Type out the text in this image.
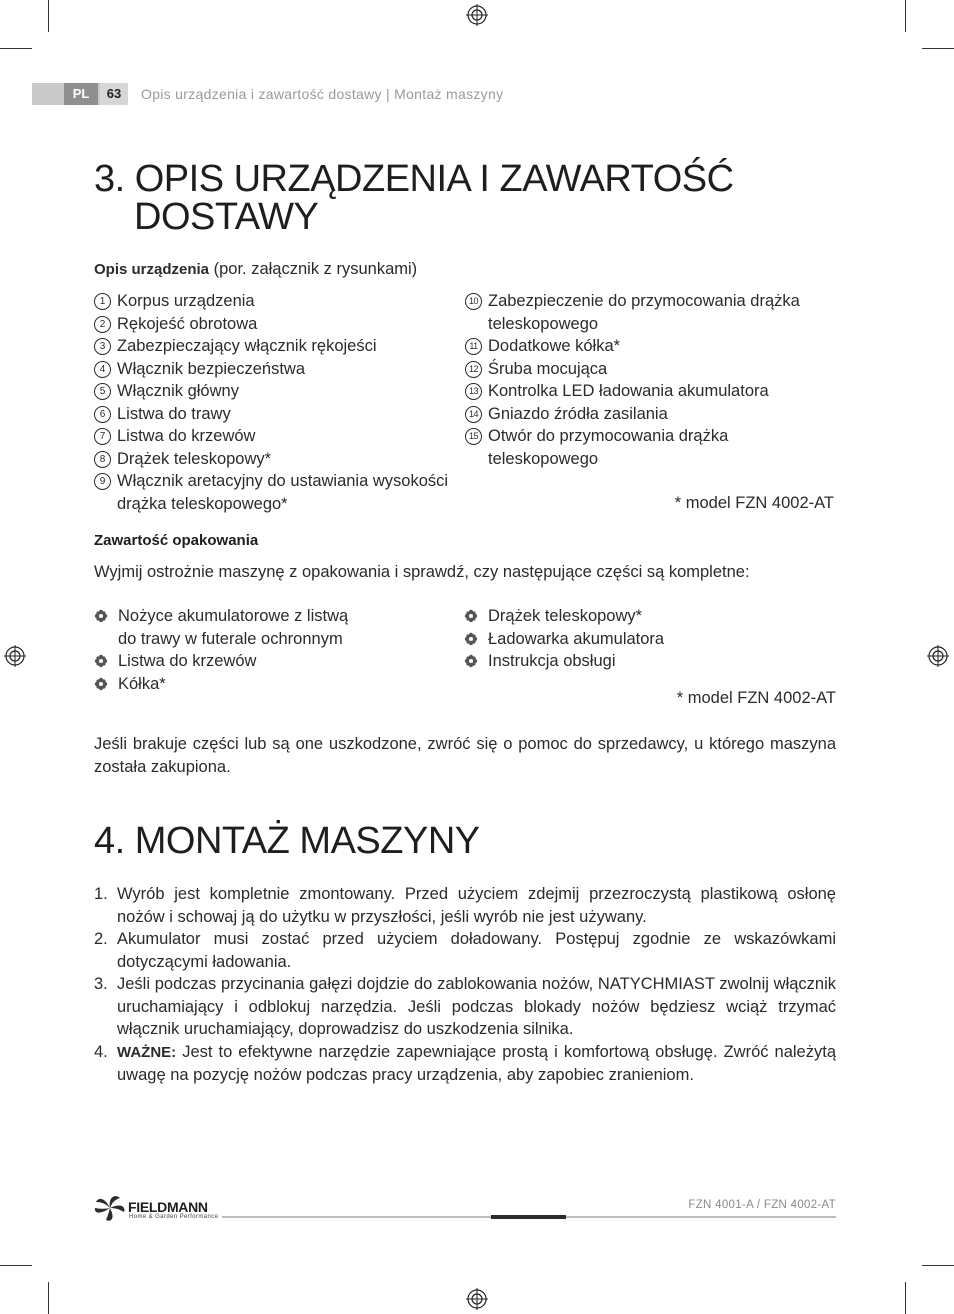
PL	63	Opis urządzenia i zawartość dostawy | Montaż maszyny
3. OPIS URZĄDZENIA I ZAWARTOŚĆ
DOSTAWY
Opis urządzenia (por. załącznik z rysunkami)
1 Korpus urządzenia
2 Rękojeść obrotowa
3 Zabezpieczający włącznik rękojeści
4 Włącznik bezpieczeństwa
5 Włącznik główny
6 Listwa do trawy
7 Listwa do krzewów
8 Drążek teleskopowy*
9 Włącznik aretacyjny do ustawiania wysokości drążka teleskopowego*
10 Zabezpieczenie do przymocowania drążka teleskopowego
11 Dodatkowe kółka*
12 Śruba mocująca
13 Kontrolka LED ładowania akumulatora
14 Gniazdo źródła zasilania
15 Otwór do przymocowania drążka teleskopowego
* model FZN 4002-AT
Zawartość opakowania
Wyjmij ostrożnie maszynę z opakowania i sprawdź, czy następujące części są kompletne:
Nożyce akumulatorowe z listwą do trawy w futerale ochronnym
Listwa do krzewów
Kółka*
Drążek teleskopowy*
Ładowarka akumulatora
Instrukcja obsługi
* model FZN 4002-AT
Jeśli brakuje części lub są one uszkodzone, zwróć się o pomoc do sprzedawcy, u którego maszyna została zakupiona.
4. MONTAŻ MASZYNY
1. Wyrób jest kompletnie zmontowany. Przed użyciem zdejmij przezroczystą plastikową osłonę nożów i schowaj ją do użytku w przyszłości, jeśli wyrób nie jest używany.
2. Akumulator musi zostać przed użyciem doładowany. Postępuj zgodnie ze wskazówkami dotyczącymi ładowania.
3. Jeśli podczas przycinania gałęzi dojdzie do zablokowania nożów, NATYCHMIAST zwolnij włącznik uruchamiający i odblokuj narzędzia. Jeśli podczas blokady nożów będziesz wciąż trzymać włącznik uruchamiający, doprowadzisz do uszkodzenia silnika.
4. WAŻNE: Jest to efektywne narzędzie zapewniające prostą i komfortową obsługę. Zwróć należytą uwagę na pozycję nożów podczas pracy urządzenia, aby zapobiec zranieniom.
FIELDMANN
Home & Garden Performance
FZN 4001-A / FZN 4002-AT
